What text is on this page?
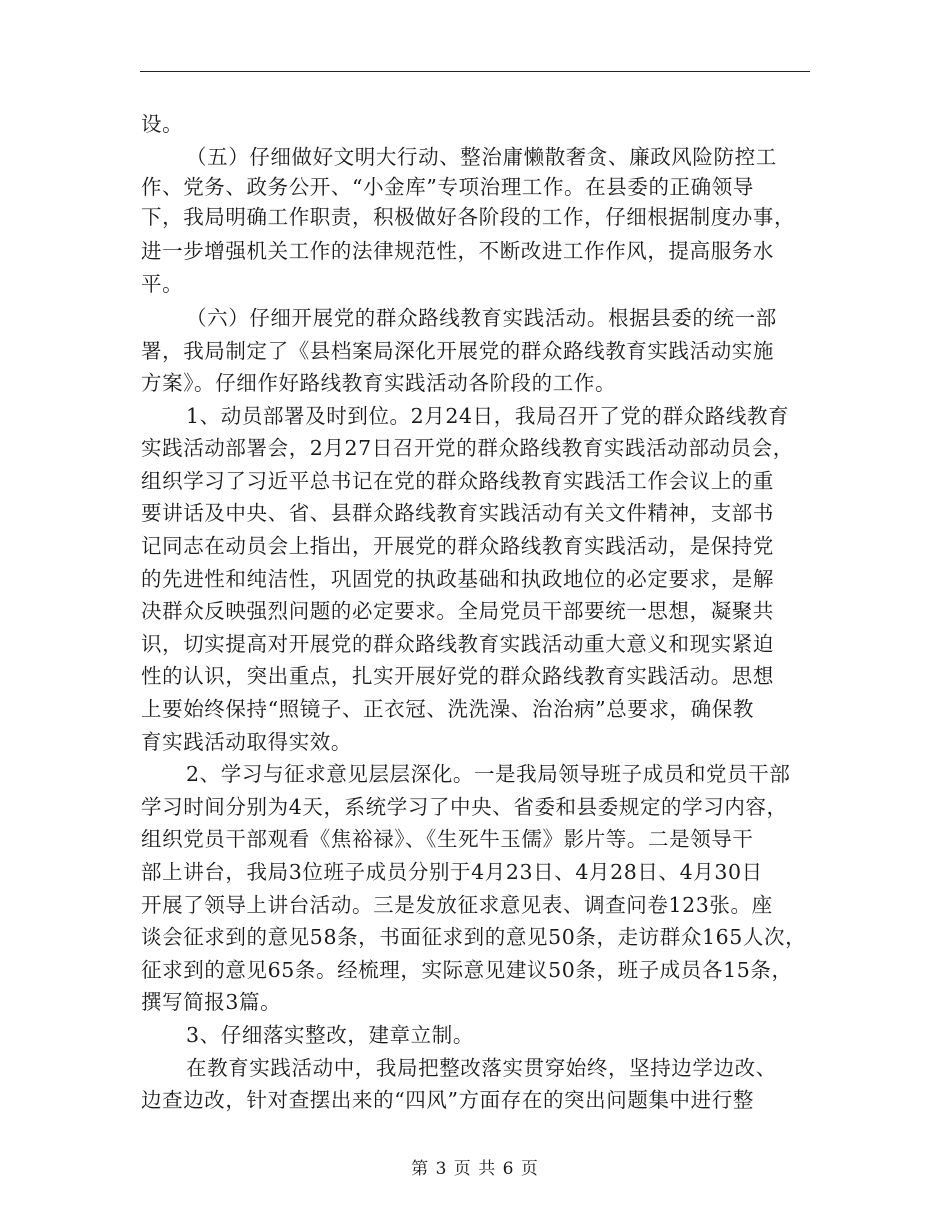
设。
（五）仔细做好文明大行动、整治庸懒散奢贪、廉政风险防控工
作、党务、政务公开、“小金库”专项治理工作。在县委的正确领导
下，我局明确工作职责，积极做好各阶段的工作，仔细根据制度办事，
进一步增强机关工作的法律规范性，不断改进工作作风，提高服务水
平。
（六）仔细开展党的群众路线教育实践活动。根据县委的统一部
署，我局制定了《县档案局深化开展党的群众路线教育实践活动实施
方案》。仔细作好路线教育实践活动各阶段的工作。
1、动员部署及时到位。2月24日，我局召开了党的群众路线教育
实践活动部署会，2月27日召开党的群众路线教育实践活动部动员会，
组织学习了习近平总书记在党的群众路线教育实践活工作会议上的重
要讲话及中央、省、县群众路线教育实践活动有关文件精神，支部书
记同志在动员会上指出，开展党的群众路线教育实践活动，是保持党
的先进性和纯洁性，巩固党的执政基础和执政地位的必定要求，是解
决群众反映强烈问题的必定要求。全局党员干部要统一思想，凝聚共
识，切实提高对开展党的群众路线教育实践活动重大意义和现实紧迫
性的认识，突出重点，扎实开展好党的群众路线教育实践活动。思想
上要始终保持“照镜子、正衣冠、洗洗澡、治治病”总要求，确保教
育实践活动取得实效。
2、学习与征求意见层层深化。一是我局领导班子成员和党员干部
学习时间分别为4天，系统学习了中央、省委和县委规定的学习内容，
组织党员干部观看《焦裕禄》、《生死牛玉儒》影片等。二是领导干
部上讲台，我局3位班子成员分别于4月23日、4月28日、4月30日
开展了领导上讲台活动。三是发放征求意见表、调查问卷123张。座
谈会征求到的意见58条，书面征求到的意见50条，走访群众165人次，
征求到的意见65条。经梳理，实际意见建议50条，班子成员各15条，
撰写简报3篇。
3、仔细落实整改，建章立制。
在教育实践活动中，我局把整改落实贯穿始终，坚持边学边改、
边查边改，针对查摆出来的“四风”方面存在的突出问题集中进行整
第 3 页 共 6 页
